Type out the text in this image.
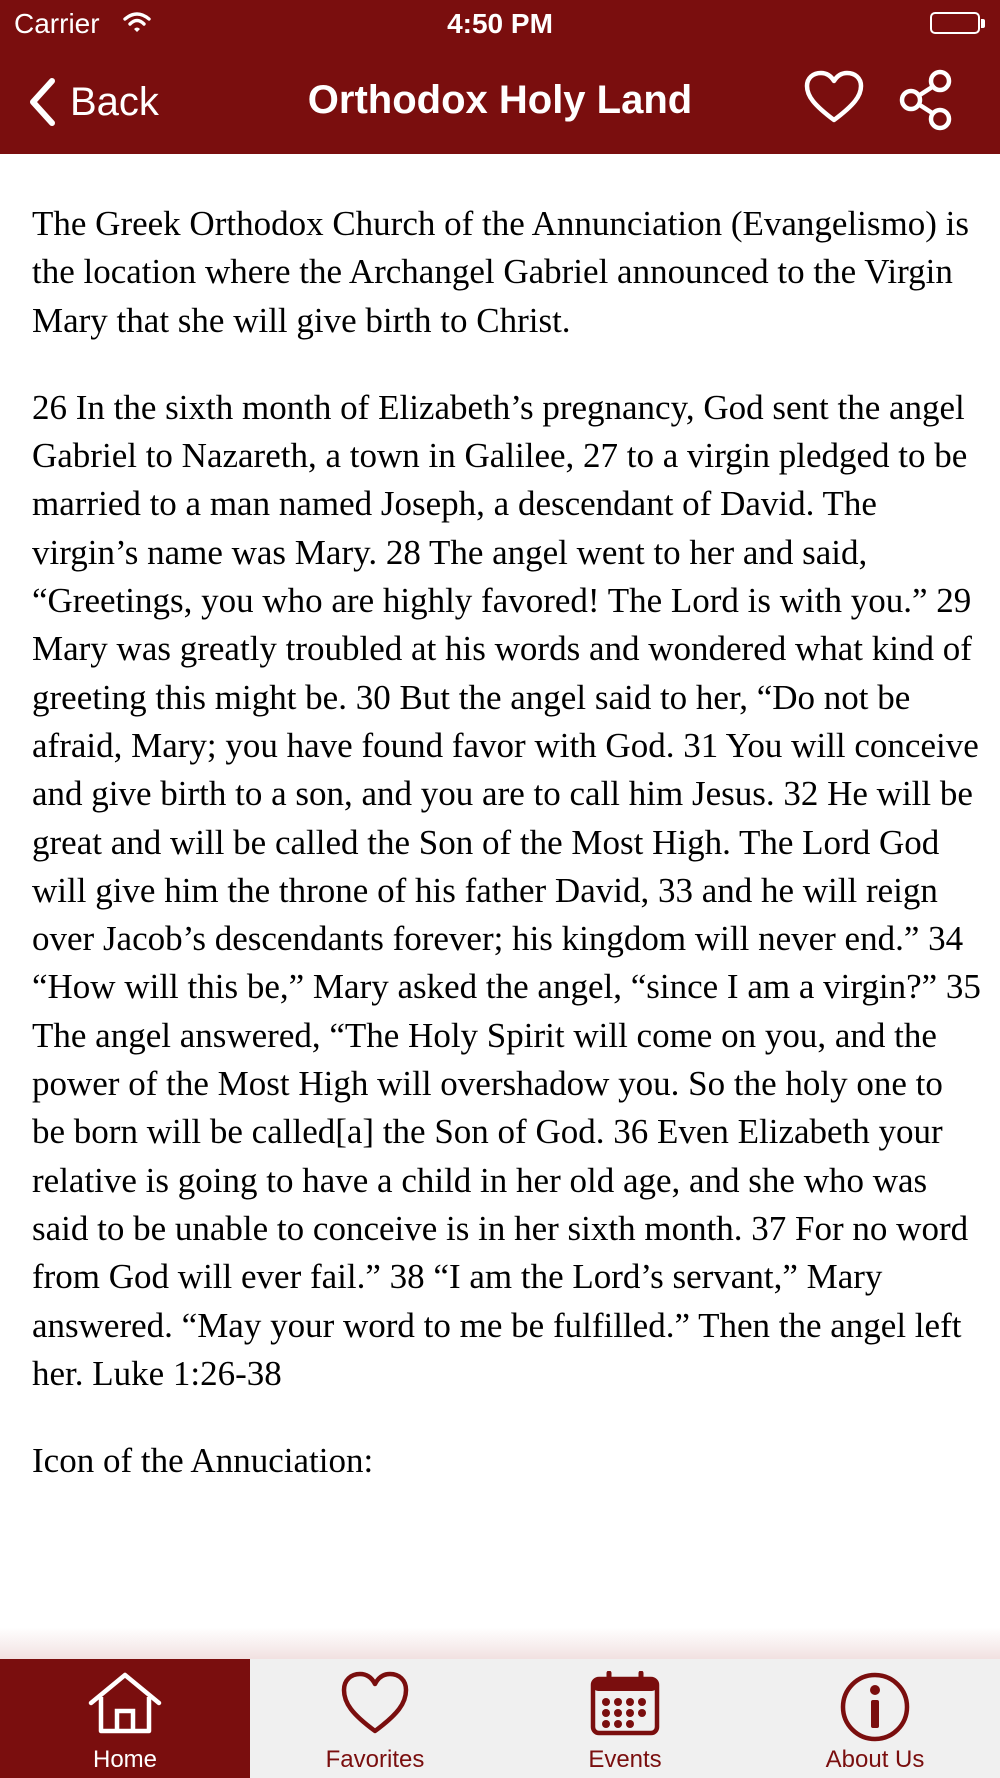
Carrier	4:50 PM
Back	Orthodox Holy Land

The Greek Orthodox Church of the Annunciation (Evangelismo) is the location where the Archangel Gabriel announced to the Virgin Mary that she will give birth to Christ.

26 In the sixth month of Elizabeth’s pregnancy, God sent the angel Gabriel to Nazareth, a town in Galilee, 27 to a virgin pledged to be married to a man named Joseph, a descendant of David. The virgin’s name was Mary. 28 The angel went to her and said, “Greetings, you who are highly favored! The Lord is with you.” 29 Mary was greatly troubled at his words and wondered what kind of greeting this might be. 30 But the angel said to her, “Do not be afraid, Mary; you have found favor with God. 31 You will conceive and give birth to a son, and you are to call him Jesus. 32 He will be great and will be called the Son of the Most High. The Lord God will give him the throne of his father David, 33 and he will reign over Jacob’s descendants forever; his kingdom will never end.” 34 “How will this be,” Mary asked the angel, “since I am a virgin?” 35 The angel answered, “The Holy Spirit will come on you, and the power of the Most High will overshadow you. So the holy one to be born will be called[a] the Son of God. 36 Even Elizabeth your relative is going to have a child in her old age, and she who was said to be unable to conceive is in her sixth month. 37 For no word from God will ever fail.” 38 “I am the Lord’s servant,” Mary answered. “May your word to me be fulfilled.” Then the angel left her. Luke 1:26-38

Icon of the Annuciation:

Home	Favorites	Events	About Us
